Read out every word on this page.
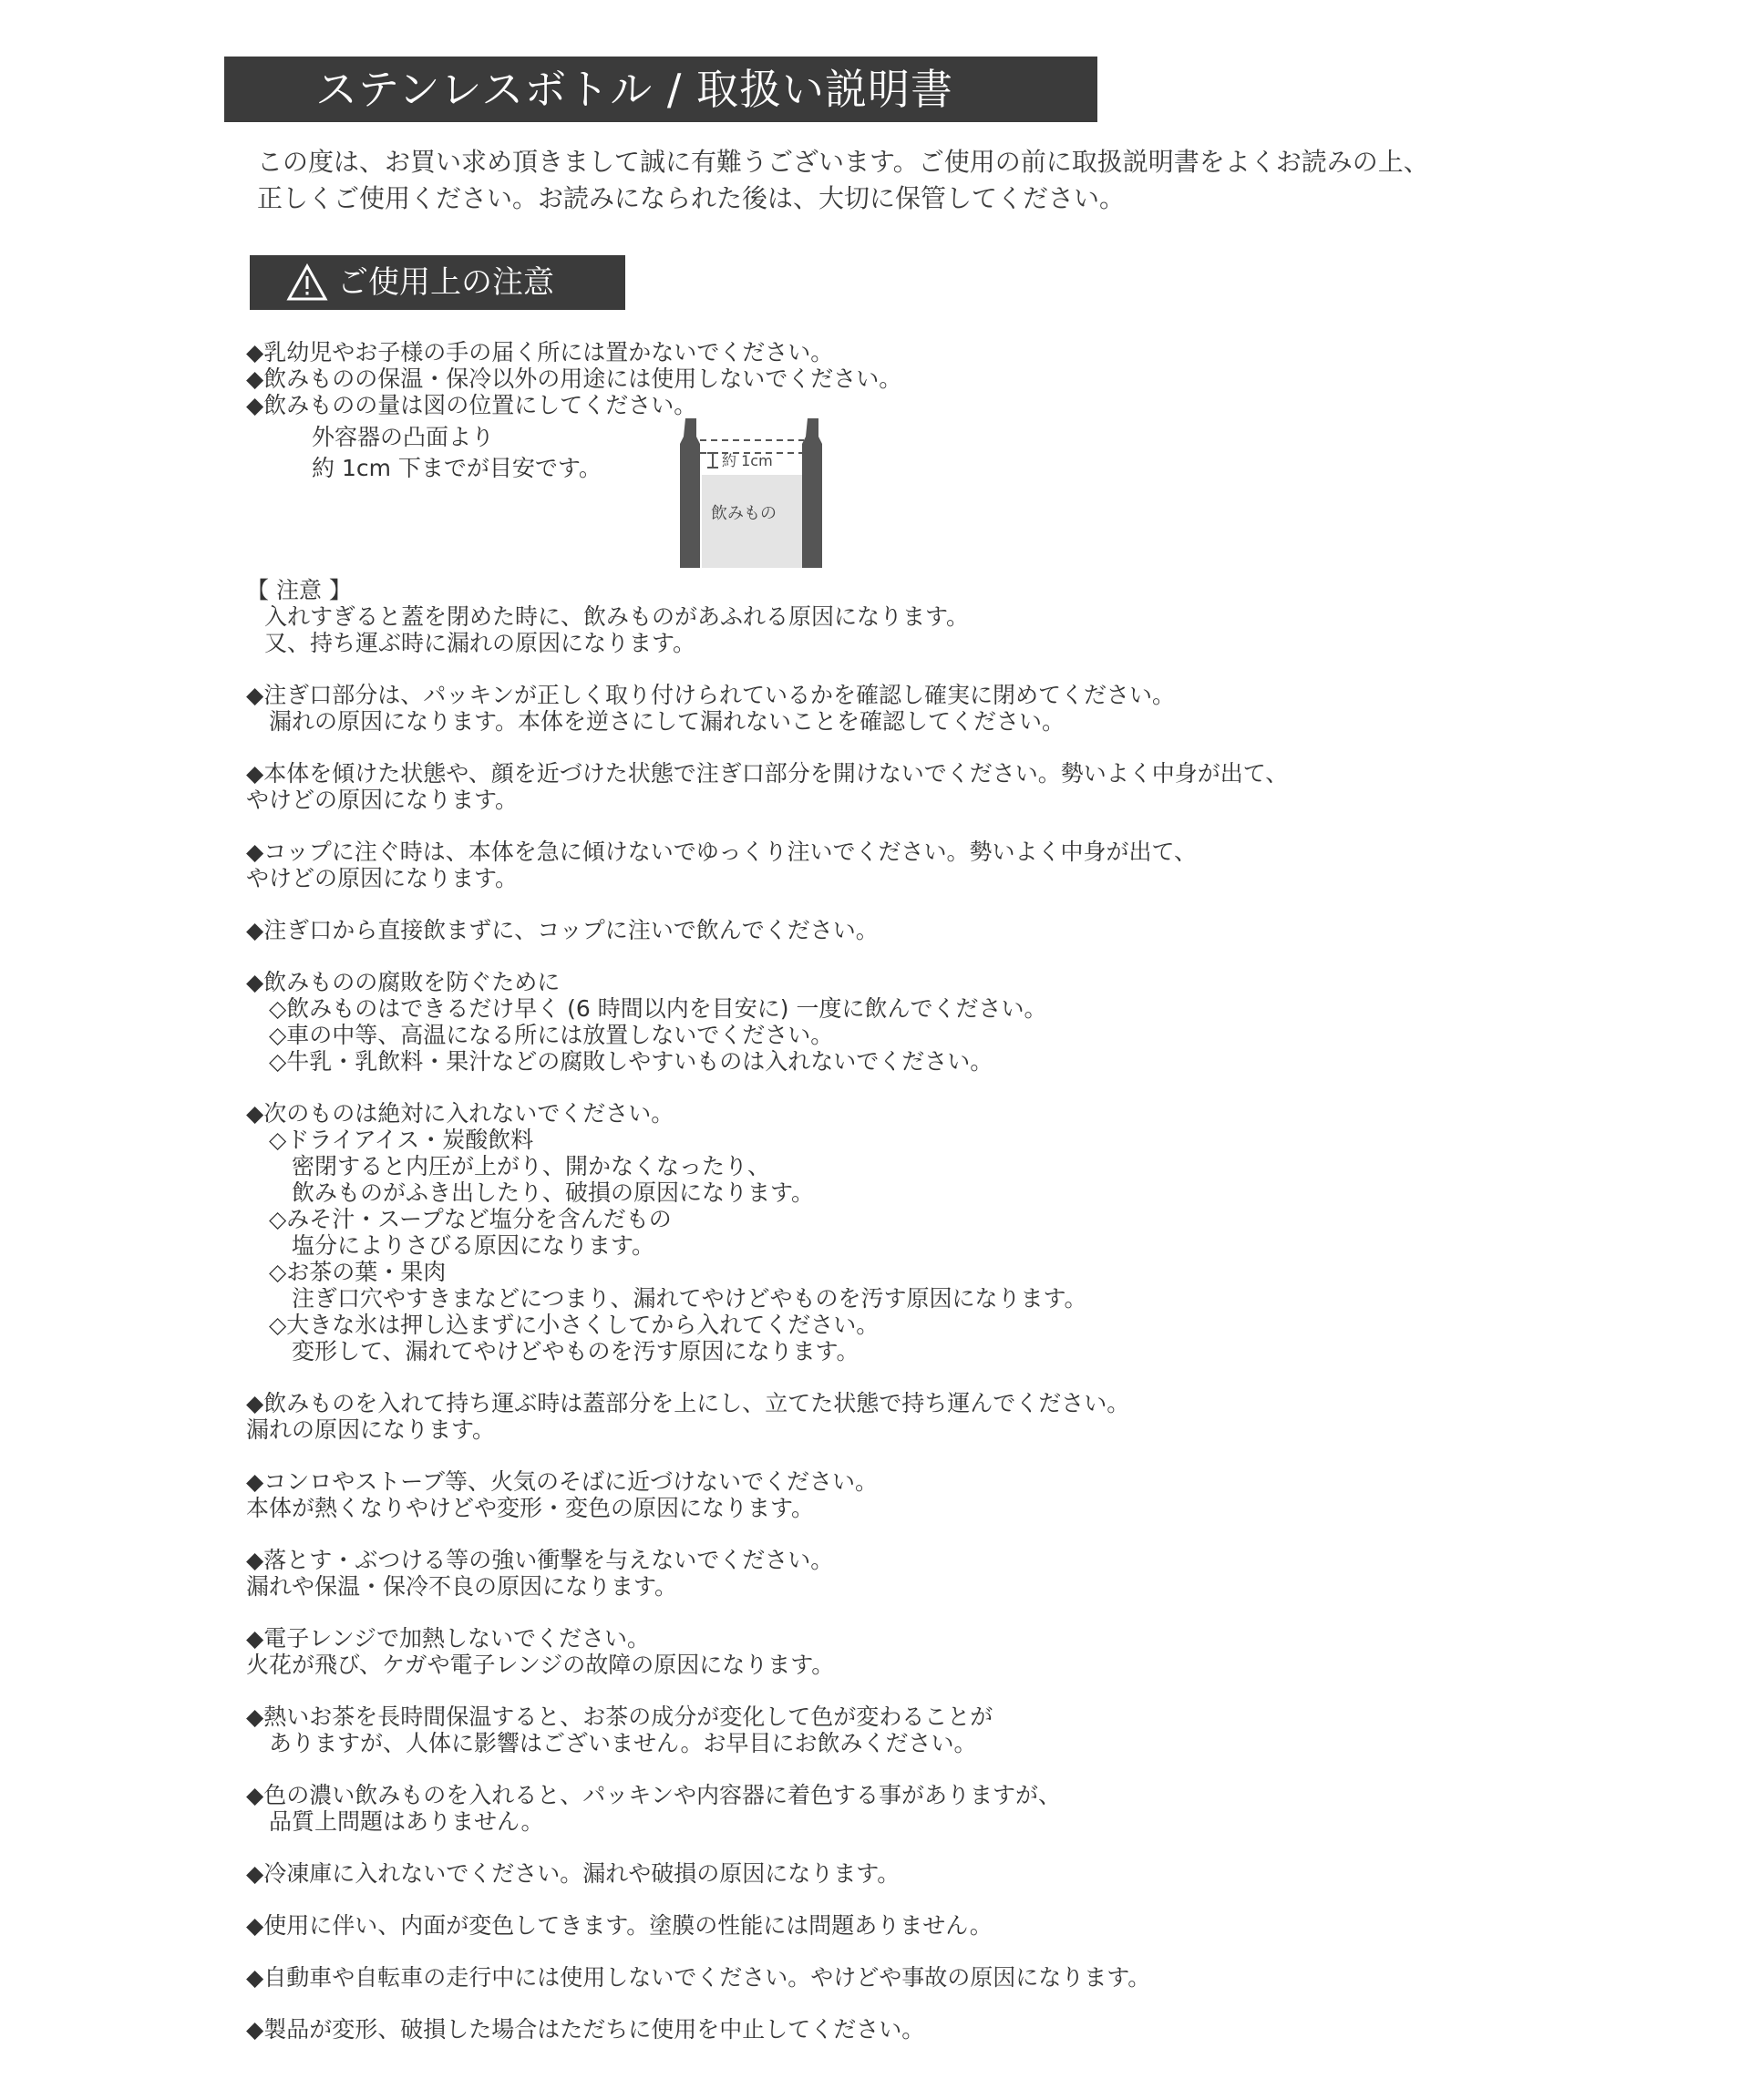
ステンレスボトル / 取扱い説明書
この度は、お買い求め頂きまして誠に有難うございます。ご使用の前に取扱説明書をよくお読みの上、
正しくご使用ください。お読みになられた後は、大切に保管してください。
ご使用上の注意
◆乳幼児やお子様の手の届く所には置かないでください。
◆飲みものの保温・保冷以外の用途には使用しないでください。
◆飲みものの量は図の位置にしてください。
外容器の凸面より
約 1cm 下までが目安です。	約 1cm
飲みもの
【 注意 】
入れすぎると蓋を閉めた時に、飲みものがあふれる原因になります。
又、持ち運ぶ時に漏れの原因になります。
◆注ぎ口部分は、パッキンが正しく取り付けられているかを確認し確実に閉めてください。
　漏れの原因になります。本体を逆さにして漏れないことを確認してください。
◆本体を傾けた状態や、顔を近づけた状態で注ぎ口部分を開けないでください。勢いよく中身が出て、
やけどの原因になります。
◆コップに注ぐ時は、本体を急に傾けないでゆっくり注いでください。勢いよく中身が出て、
やけどの原因になります。
◆注ぎ口から直接飲まずに、コップに注いで飲んでください。
◆飲みものの腐敗を防ぐために
　◇飲みものはできるだけ早く (6 時間以内を目安に) 一度に飲んでください。
　◇車の中等、高温になる所には放置しないでください。
　◇牛乳・乳飲料・果汁などの腐敗しやすいものは入れないでください。
◆次のものは絶対に入れないでください。
　◇ドライアイス・炭酸飲料
　　密閉すると内圧が上がり、開かなくなったり、
　　飲みものがふき出したり、破損の原因になります。
　◇みそ汁・スープなど塩分を含んだもの
　　塩分によりさびる原因になります。
　◇お茶の葉・果肉
　　注ぎ口穴やすきまなどにつまり、漏れてやけどやものを汚す原因になります。
　◇大きな氷は押し込まずに小さくしてから入れてください。
　　変形して、漏れてやけどやものを汚す原因になります。
◆飲みものを入れて持ち運ぶ時は蓋部分を上にし、立てた状態で持ち運んでください。
漏れの原因になります。
◆コンロやストーブ等、火気のそばに近づけないでください。
本体が熱くなりやけどや変形・変色の原因になります。
◆落とす・ぶつける等の強い衝撃を与えないでください。
漏れや保温・保冷不良の原因になります。
◆電子レンジで加熱しないでください。
火花が飛び、ケガや電子レンジの故障の原因になります。
◆熱いお茶を長時間保温すると、お茶の成分が変化して色が変わることが
　ありますが、人体に影響はございません。お早目にお飲みください。
◆色の濃い飲みものを入れると、パッキンや内容器に着色する事がありますが、
　品質上問題はありません。
◆冷凍庫に入れないでください。漏れや破損の原因になります。
◆使用に伴い、内面が変色してきます。塗膜の性能には問題ありません。
◆自動車や自転車の走行中には使用しないでください。やけどや事故の原因になります。
◆製品が変形、破損した場合はただちに使用を中止してください。
